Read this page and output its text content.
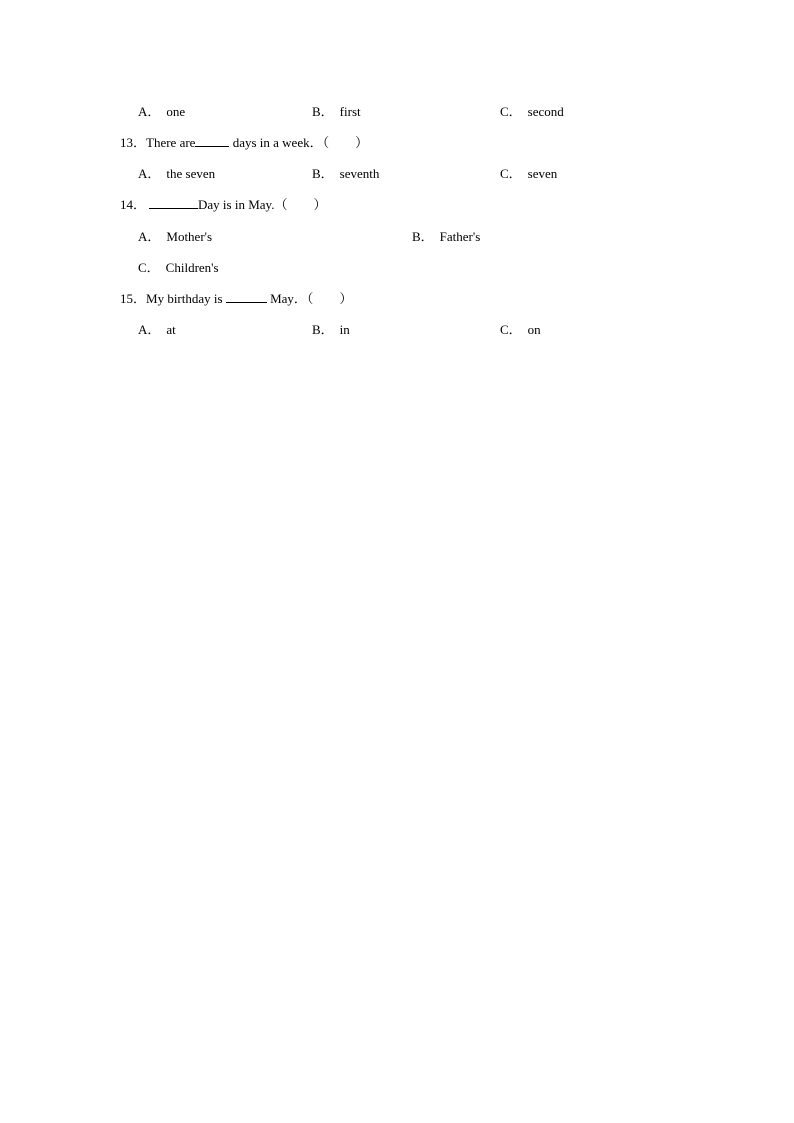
A． one	B． first	C． second
13．There are	days in a week．（　　）
A． the seven	B． seventh	C． seven
14．	Day is in May.（　　）
A． Mother's	B． Father's
C． Children's
15．My birthday is	May．（　　）
A． at	B． in	C． on
